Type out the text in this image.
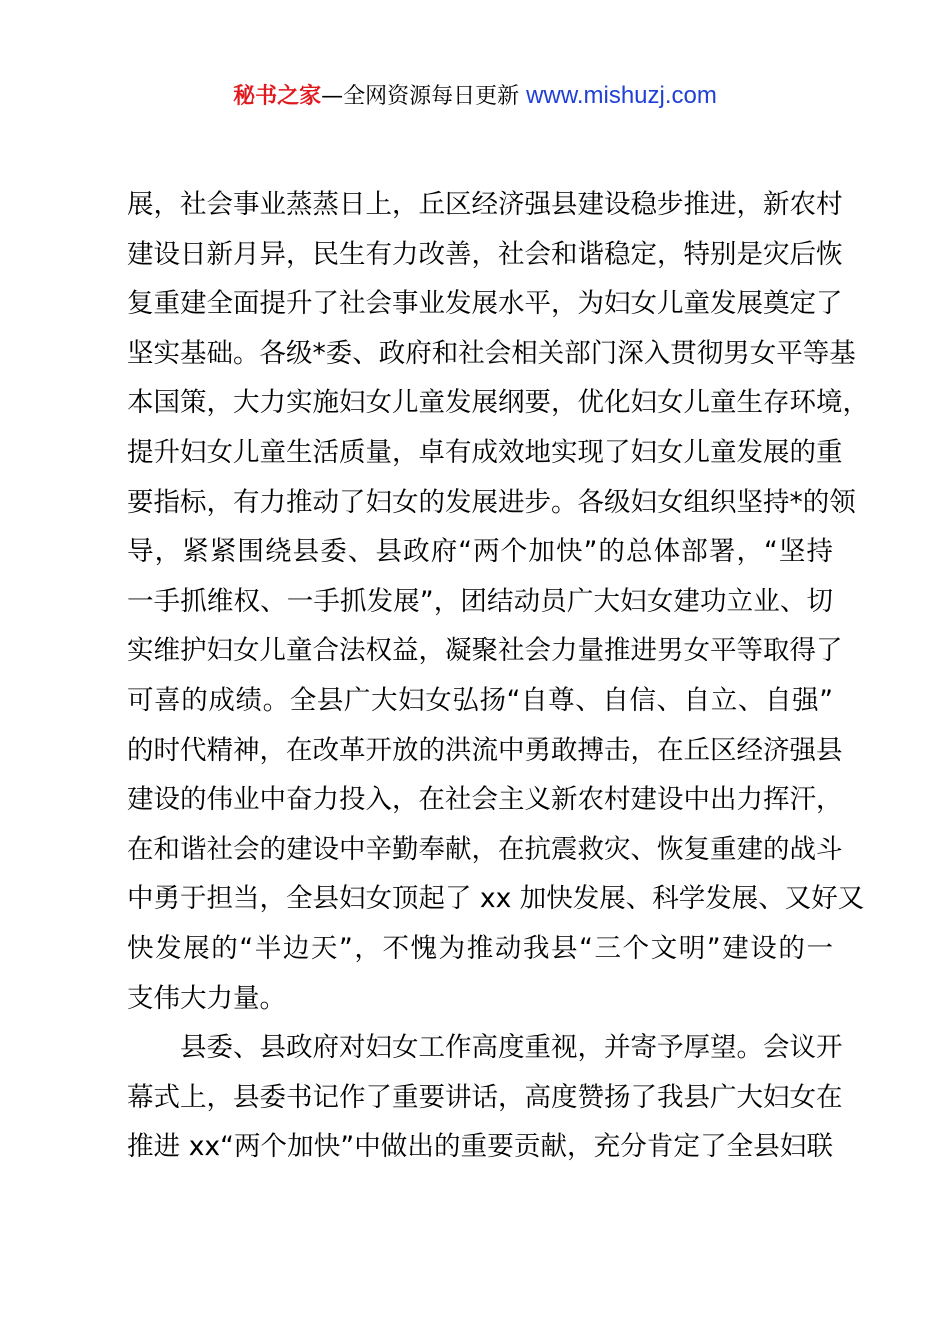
秘书之家—全网资源每日更新 www.mishuzj.com
展，社会事业蒸蒸日上，丘区经济强县建设稳步推进，新农村
建设日新月异，民生有力改善，社会和谐稳定，特别是灾后恢
复重建全面提升了社会事业发展水平，为妇女儿童发展奠定了
坚实基础。各级*委、政府和社会相关部门深入贯彻男女平等基
本国策，大力实施妇女儿童发展纲要，优化妇女儿童生存环境，
提升妇女儿童生活质量，卓有成效地实现了妇女儿童发展的重
要指标，有力推动了妇女的发展进步。各级妇女组织坚持*的领
导，紧紧围绕县委、县政府“两个加快”的总体部署，“坚持
一手抓维权、一手抓发展”，团结动员广大妇女建功立业、切
实维护妇女儿童合法权益，凝聚社会力量推进男女平等取得了
可喜的成绩。全县广大妇女弘扬“自尊、自信、自立、自强”
的时代精神，在改革开放的洪流中勇敢搏击，在丘区经济强县
建设的伟业中奋力投入，在社会主义新农村建设中出力挥汗，
在和谐社会的建设中辛勤奉献，在抗震救灾、恢复重建的战斗
中勇于担当，全县妇女顶起了 xx 加快发展、科学发展、又好又
快发展的“半边天”，不愧为推动我县“三个文明”建设的一
支伟大力量。
县委、县政府对妇女工作高度重视，并寄予厚望。会议开
幕式上，县委书记作了重要讲话，高度赞扬了我县广大妇女在
推进 xx“两个加快”中做出的重要贡献，充分肯定了全县妇联
